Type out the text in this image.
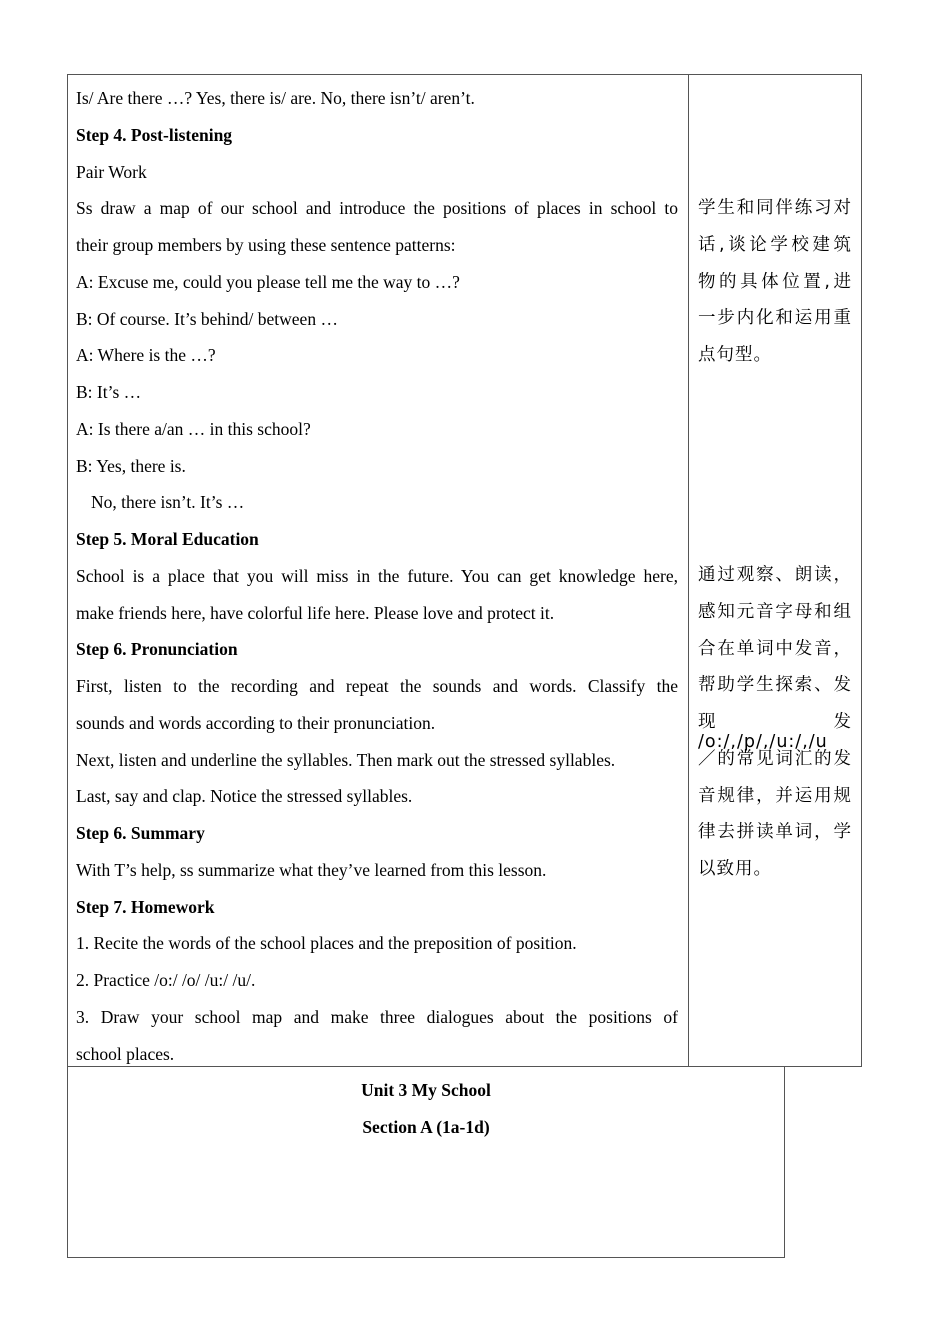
Is/ Are there …? Yes, there is/ are. No, there isn’t/ aren’t.
Step 4. Post-listening
Pair Work
Ss draw a map of our school and introduce the positions of places in school to
their group members by using these sentence patterns:
A: Excuse me, could you please tell me the way to …?
B: Of course. It’s behind/ between …
A: Where is the …?
B: It’s …
A: Is there a/an … in this school?
B: Yes, there is.
No, there isn’t. It’s …
Step 5. Moral Education
School is a place that you will miss in the future. You can get knowledge here,
make friends here, have colorful life here. Please love and protect it.
Step 6. Pronunciation
First, listen to the recording and repeat the sounds and words. Classify the
sounds and words according to their pronunciation.
Next, listen and underline the syllables. Then mark out the stressed syllables.
Last, say and clap. Notice the stressed syllables.
Step 6. Summary
With T’s help, ss summarize what they’ve learned from this lesson.
Step 7. Homework
1. Recite the words of the school places and the preposition of position.
2. Practice /o:/ /o/ /u:/ /u/.
3. Draw your school map and make three dialogues about the positions of
school places.
学生和同伴练习对
话,谈论学校建筑
物的具体位置,进
一步内化和运用重
点句型。
通过观察、朗读，
感知元音字母和组
合在单词中发音，
帮助学生探索、发
现 发 /o:/,/p/,/u:/,/u
／的常见词汇的发
音规律，并运用规
律去拼读单词，学
以致用。
Unit 3 My School
Section A (1a-1d)
